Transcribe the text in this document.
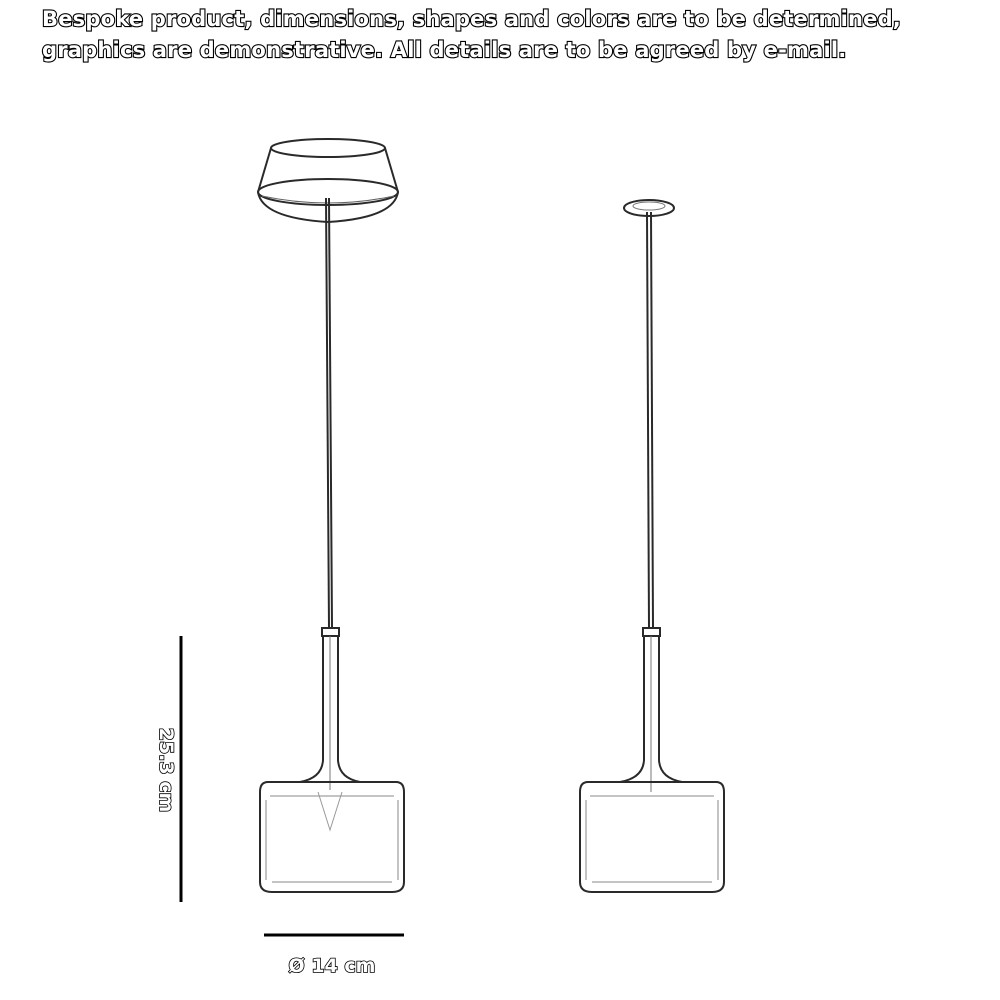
Bespoke product, dimensions, shapes and colors are to be determined, graphics are demonstrative. All details are to be agreed by e-mail.

25.3 cm
Ø 14 cm
